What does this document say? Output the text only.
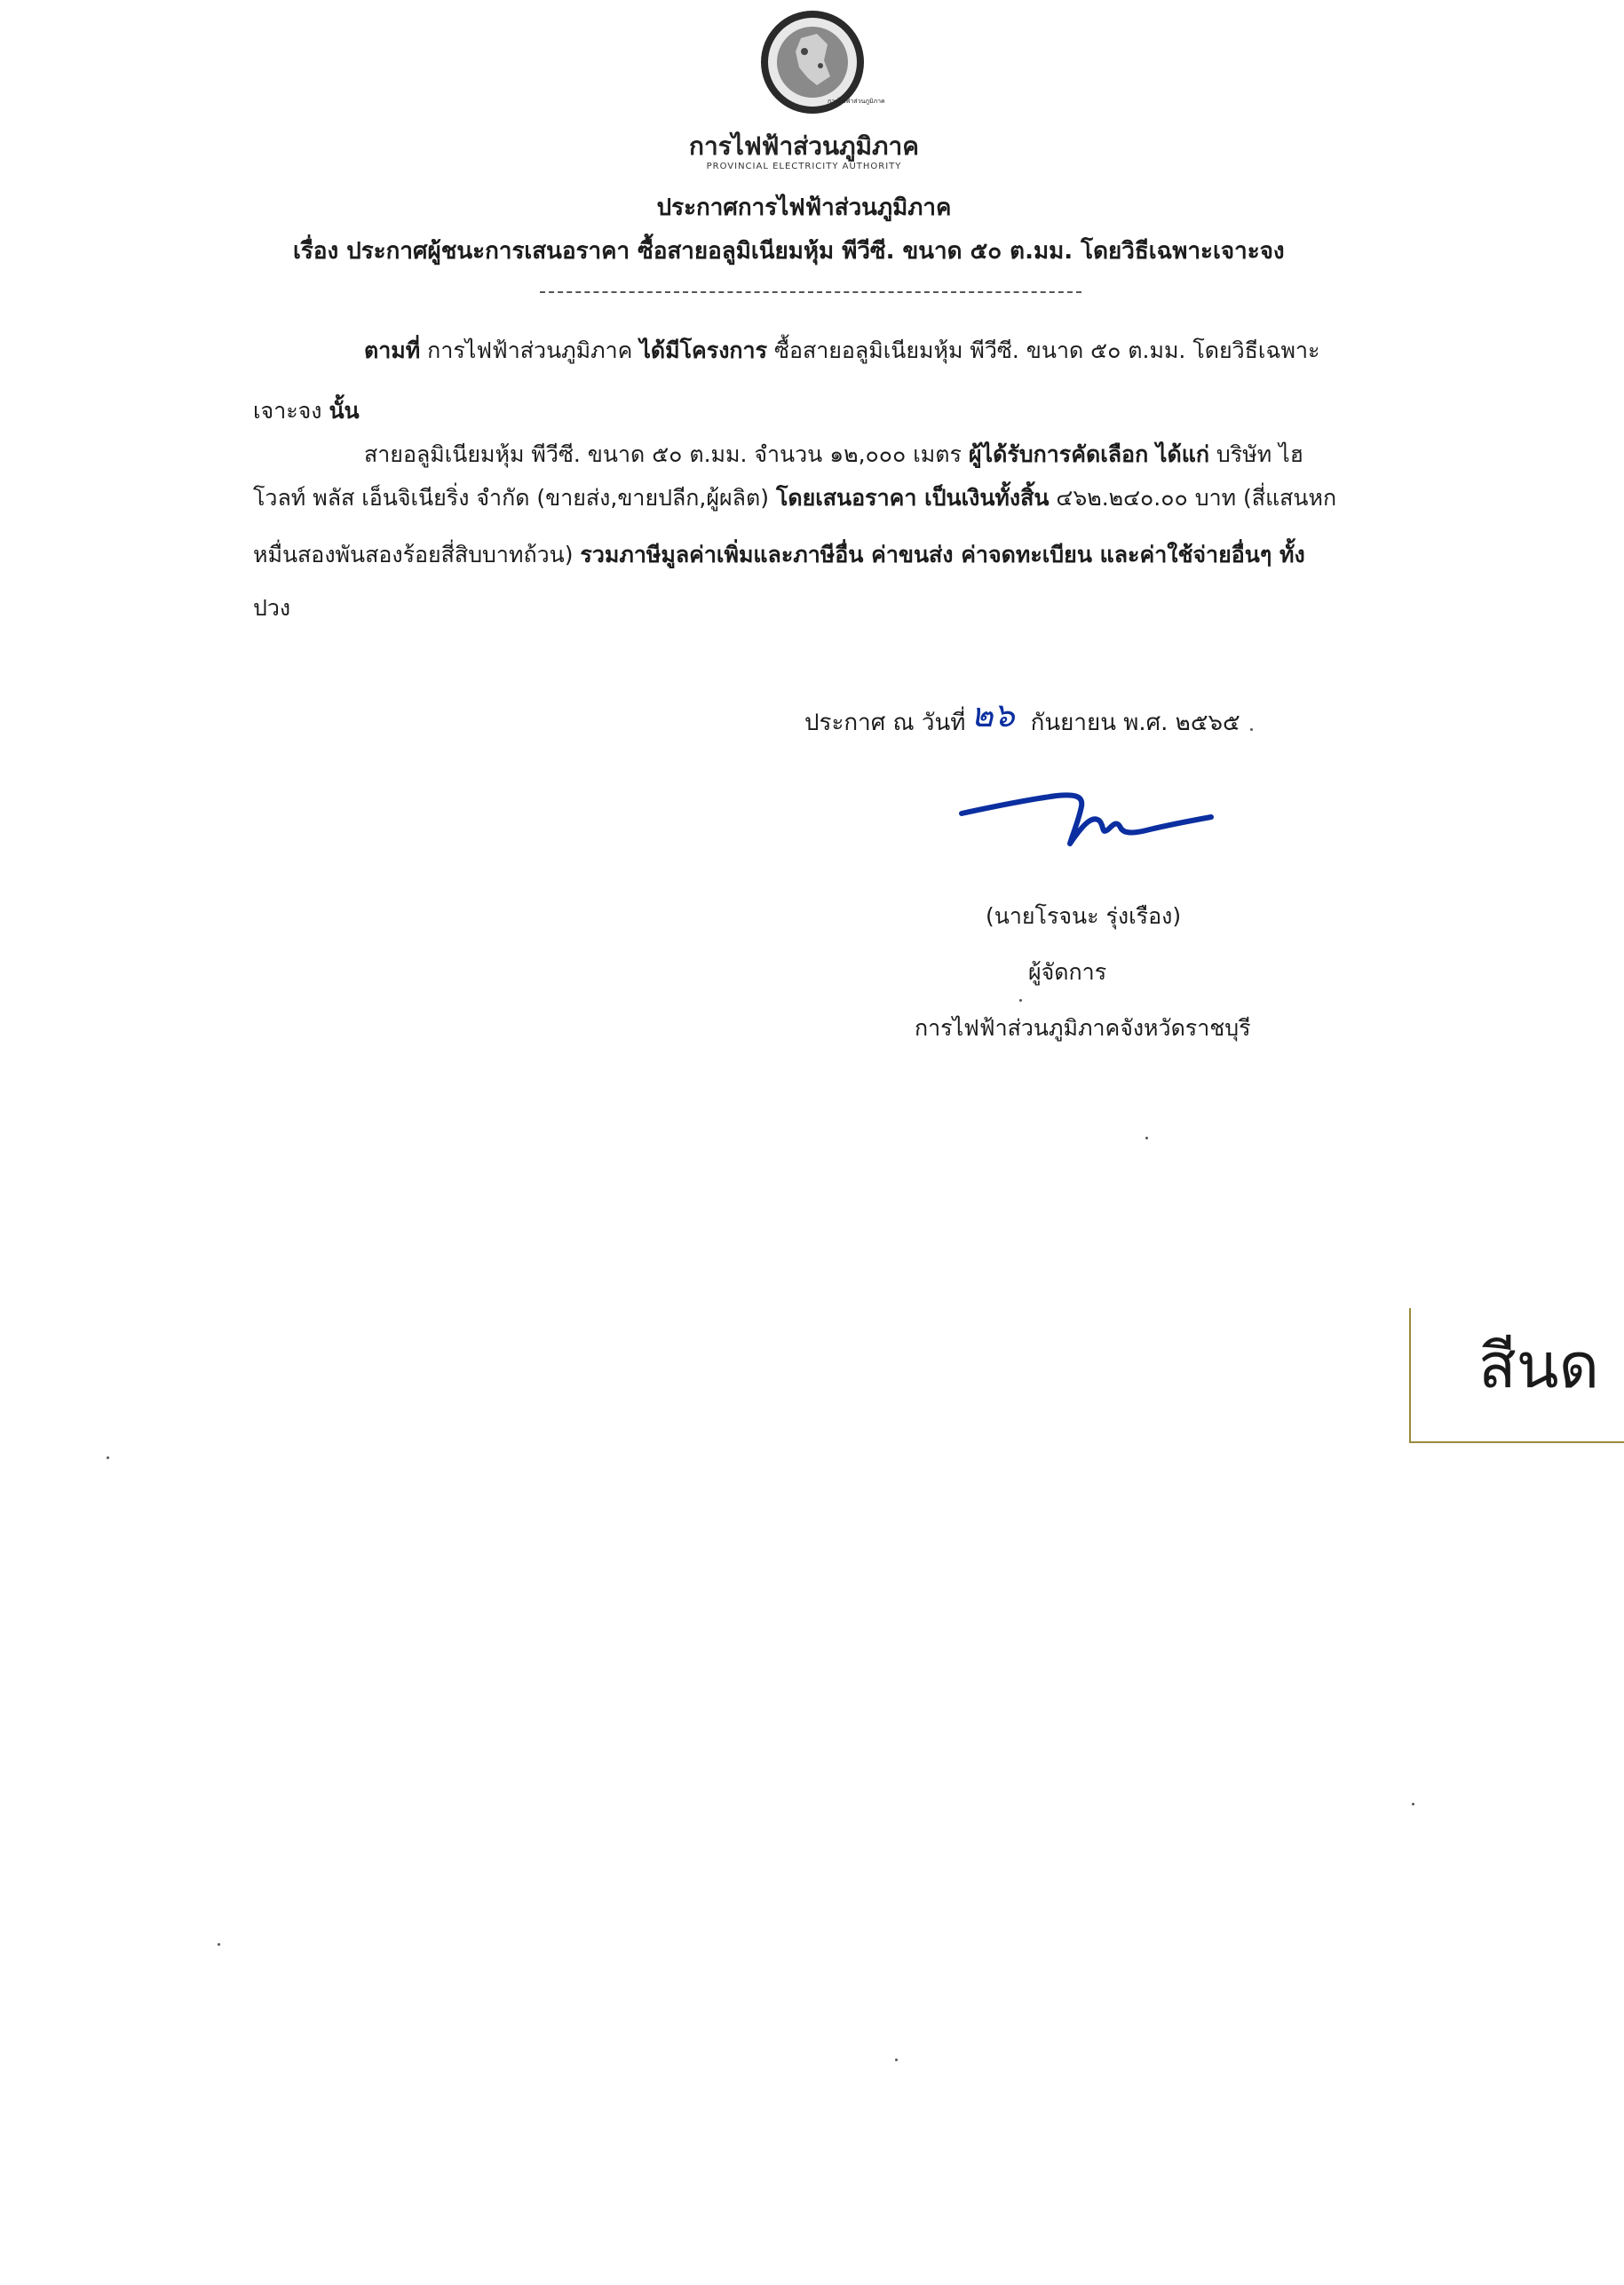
การไฟฟ้าส่วนภูมิภาค
การไฟฟ้าส่วนภูมิภาค
PROVINCIAL ELECTRICITY AUTHORITY
ประกาศการไฟฟ้าส่วนภูมิภาค
เรื่อง ประกาศผู้ชนะการเสนอราคา ซื้อสายอลูมิเนียมหุ้ม พีวีซี. ขนาด ๕๐ ต.มม. โดยวิธีเฉพาะเจาะจง
ตามที่ การไฟฟ้าส่วนภูมิภาค ได้มีโครงการ ซื้อสายอลูมิเนียมหุ้ม พีวีซี. ขนาด ๕๐ ต.มม. โดยวิธีเฉพาะ
เจาะจง นั้น
สายอลูมิเนียมหุ้ม พีวีซี. ขนาด ๕๐ ต.มม. จำนวน ๑๒,๐๐๐ เมตร ผู้ได้รับการคัดเลือก ได้แก่ บริษัท ไฮ
โวลท์ พลัส เอ็นจิเนียริ่ง จำกัด (ขายส่ง,ขายปลีก,ผู้ผลิต) โดยเสนอราคา เป็นเงินทั้งสิ้น ๔๖๒.๒๔๐.๐๐ บาท (สี่แสนหก
หมื่นสองพันสองร้อยสี่สิบบาทถ้วน) รวมภาษีมูลค่าเพิ่มและภาษีอื่น ค่าขนส่ง ค่าจดทะเบียน และค่าใช้จ่ายอื่นๆ ทั้ง
ปวง
ประกาศ ณ วันที่ ๒๖ กันยายน พ.ศ. ๒๕๖๕
(นายโรจนะ รุ่งเรือง)
ผู้จัดการ
การไฟฟ้าส่วนภูมิภาคจังหวัดราชบุรี
สีนด
